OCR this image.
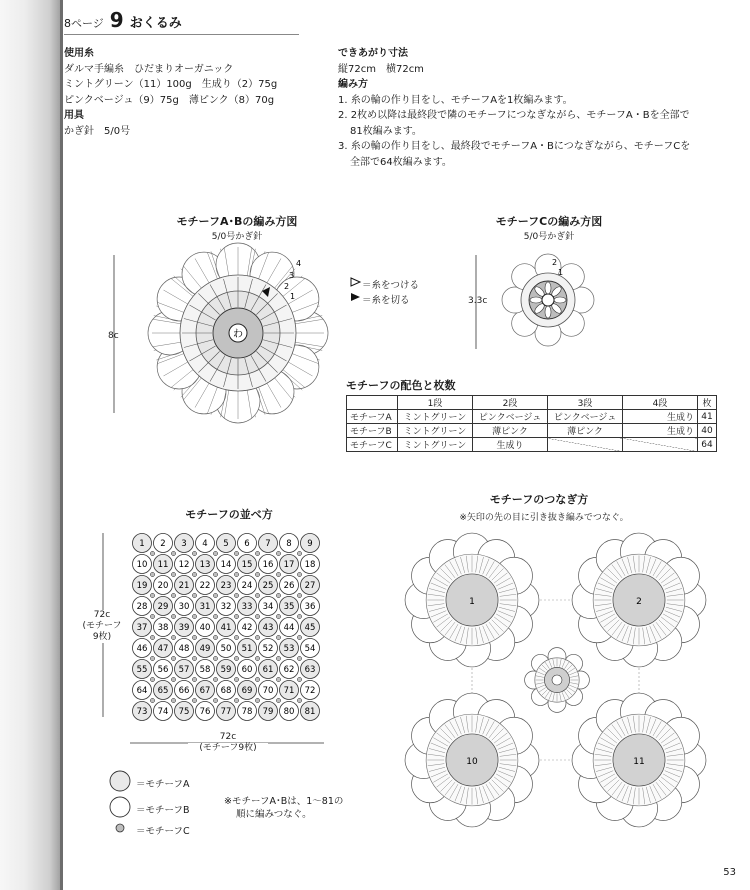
8ページ 9 おくるみ
使用糸
ダルマ手編糸　ひだまりオーガニック
ミントグリーン（11）100g　生成り（2）75g
ピンクベージュ（9）75g　薄ピンク（8）70g
用具
かぎ針　5/0号
できあがり寸法
縦72cm　横72cm
編み方
1. 糸の輪の作り目をし、モチーフAを1枚編みます。
2. 2枚め以降は最終段で隣のモチーフにつなぎながら、モチーフA・Bを全部で
81枚編みます。
3. 糸の輪の作り目をし、最終段でモチーフA・Bにつなぎながら、モチーフCを
全部で64枚編みます。
モチーフA･Bの編み方図
5/0号かぎ針
わ
4
3
2
1
8c
モチーフCの編み方図
5/0号かぎ針
2
1
3.3c
＝糸をつける
＝糸を切る
モチーフの配色と枚数
	1段	2段	3段	4段	枚
モチーフA	ミントグリーン	ピンクベージュ	ピンクベージュ	生成り	41
モチーフB	ミントグリーン	薄ピンク	薄ピンク	生成り	40
モチーフC	ミントグリーン	生成り			64
モチーフの並べ方
1 2 3 4 5 6 7 8 9
10 11 12 13 14 15 16 17 18
19 20 21 22 23 24 25 26 27
28 29 30 31 32 33 34 35 36
37 38 39 40 41 42 43 44 45
46 47 48 49 50 51 52 53 54
55 56 57 58 59 60 61 62 63
64 65 66 67 68 69 70 71 72
73 74 75 76 77 78 79 80 81
72c
(モチーフ
9枚)
72c
(モチーフ9枚)
モチーフのつなぎ方
※矢印の先の目に引き抜き編みでつなぐ。
1	2
10	11
＝モチーフA
＝モチーフB
＝モチーフC
※モチーフA･Bは、1〜81の
順に編みつなぐ。
53
